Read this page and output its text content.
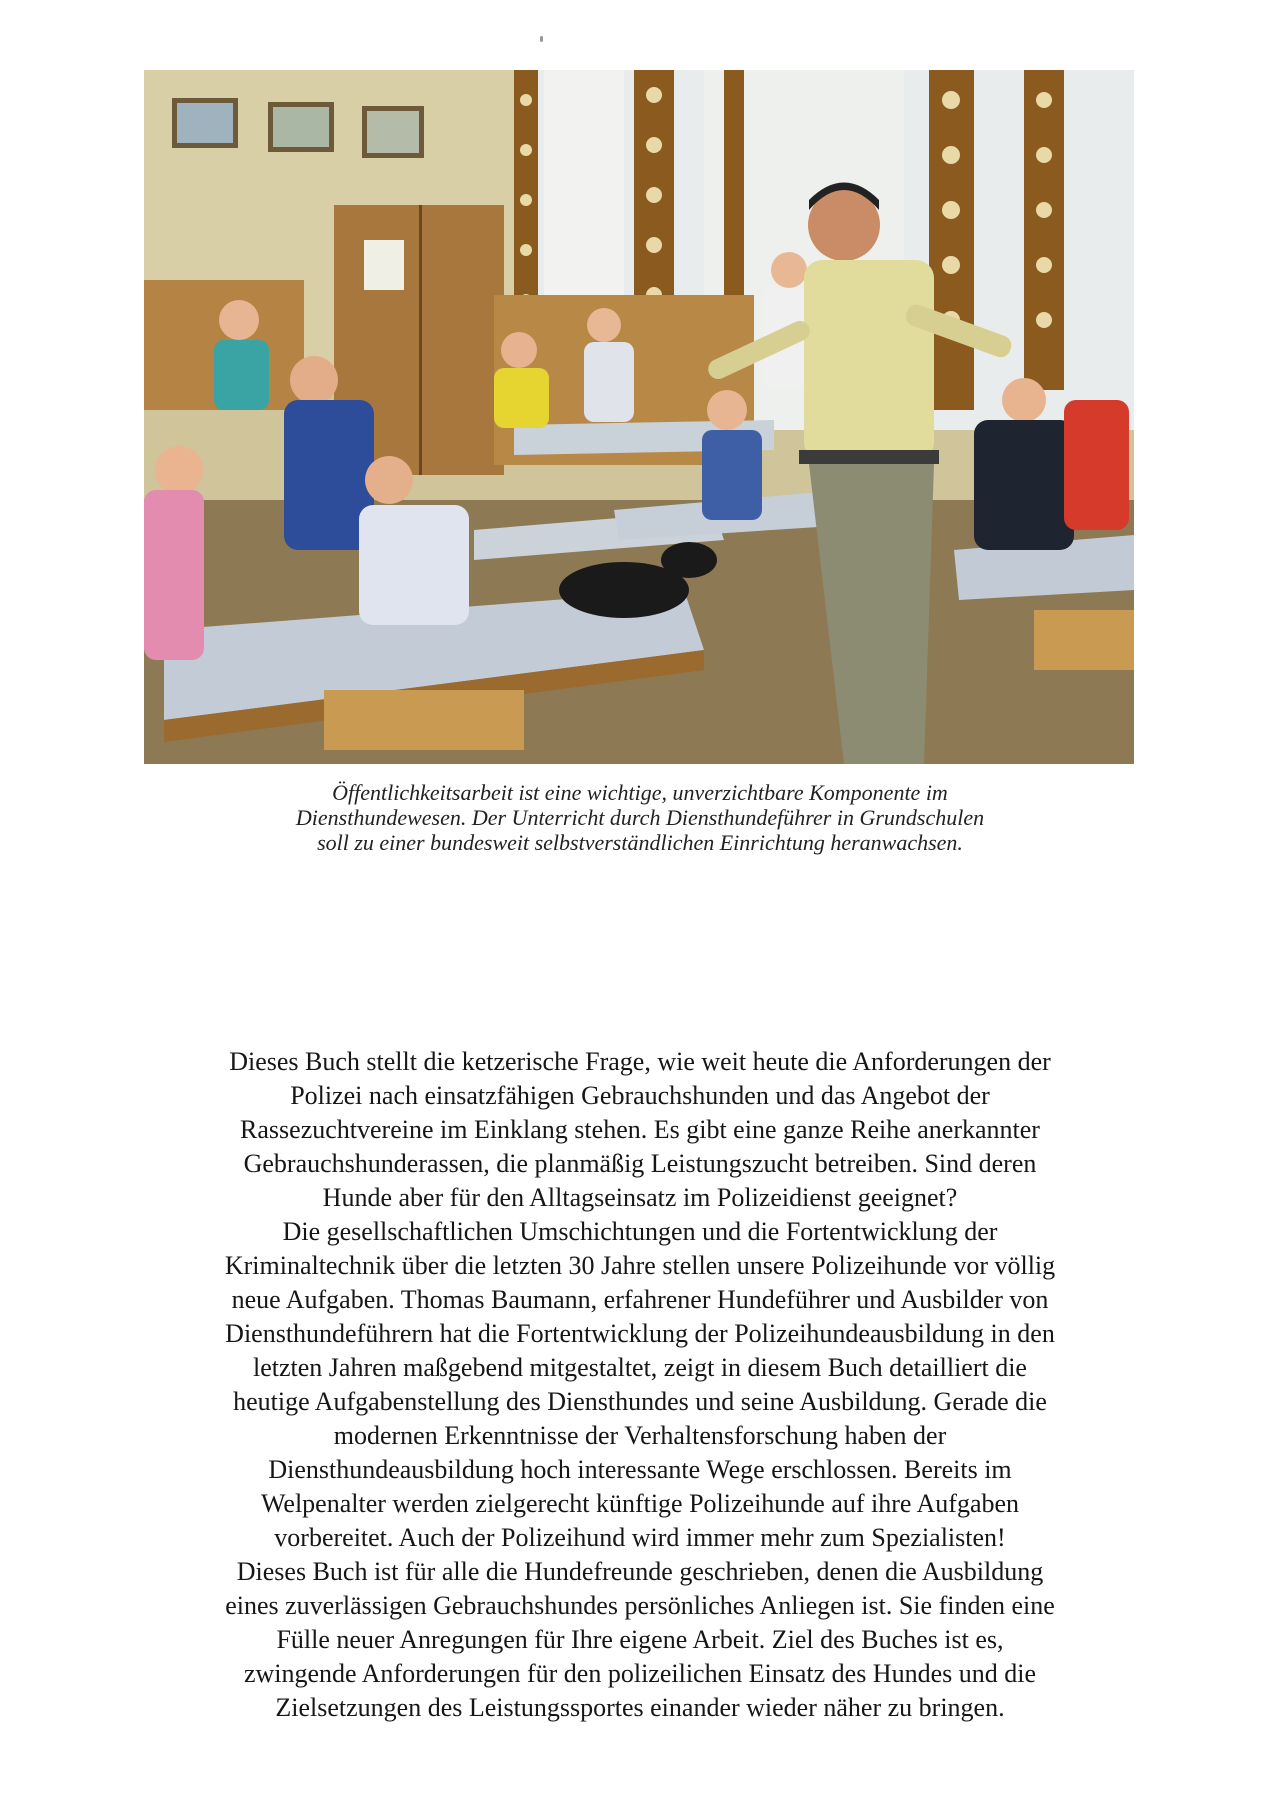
Öffentlichkeitsarbeit ist eine wichtige, unverzichtbare Komponente im

Diensthundewesen. Der Unterricht durch Diensthundeführer in Grundschulen

soll zu einer bundesweit selbstverständlichen Einrichtung heranwachsen.

Dieses Buch stellt die ketzerische Frage, wie weit heute die Anforderungen der

Polizei nach einsatzfähigen Gebrauchshunden und das Angebot der

Rassezuchtvereine im Einklang stehen. Es gibt eine ganze Reihe anerkannter

Gebrauchshunderassen, die planmäßig Leistungszucht betreiben. Sind deren

Hunde aber für den Alltagseinsatz im Polizeidienst geeignet?

Die gesellschaftlichen Umschichtungen und die Fortentwicklung der

Kriminaltechnik über die letzten 30 Jahre stellen unsere Polizeihunde vor völlig

neue Aufgaben. Thomas Baumann, erfahrener Hundeführer und Ausbilder von

Diensthundeführern hat die Fortentwicklung der Polizeihundeausbildung in den

letzten Jahren maßgebend mitgestaltet, zeigt in diesem Buch detailliert die

heutige Aufgabenstellung des Diensthundes und seine Ausbildung. Gerade die

modernen Erkenntnisse der Verhaltensforschung haben der

Diensthundeausbildung hoch interessante Wege erschlossen. Bereits im

Welpenalter werden zielgerecht künftige Polizeihunde auf ihre Aufgaben

vorbereitet. Auch der Polizeihund wird immer mehr zum Spezialisten!

Dieses Buch ist für alle die Hundefreunde geschrieben, denen die Ausbildung

eines zuverlässigen Gebrauchshundes persönliches Anliegen ist. Sie finden eine

Fülle neuer Anregungen für Ihre eigene Arbeit. Ziel des Buches ist es,

zwingende Anforderungen für den polizeilichen Einsatz des Hundes und die

Zielsetzungen des Leistungssportes einander wieder näher zu bringen.
